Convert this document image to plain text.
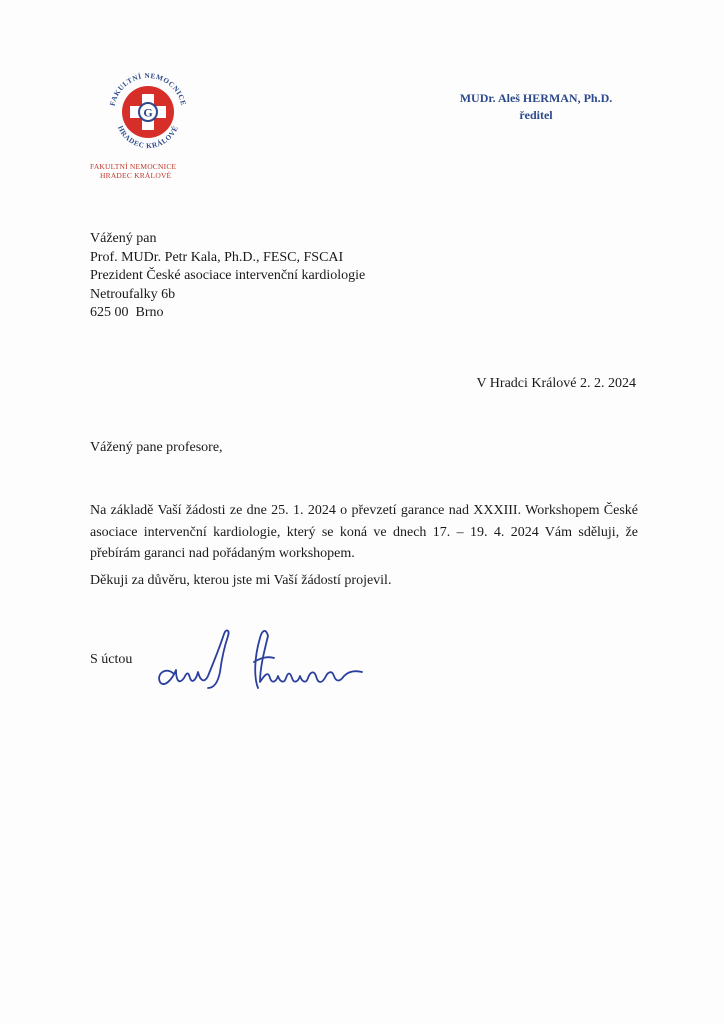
G
FAKULTNÍ NEMOCNICE
HRADEC KRÁLOVÉ
FAKULTNÍ NEMOCNICE
HRADEC KRÁLOVÉ
MUDr. Aleš HERMAN, Ph.D.
ředitel
Vážený pan
Prof. MUDr. Petr Kala, Ph.D., FESC, FSCAI
Prezident České asociace intervenční kardiologie
Netroufalky 6b
625 00  Brno
V Hradci Králové 2. 2. 2024
Vážený pane profesore,
Na základě Vaší žádosti ze dne 25. 1. 2024 o převzetí garance nad XXXIII. Workshopem České asociace intervenční kardiologie, který se koná ve dnech 17. – 19. 4. 2024 Vám sděluji, že přebírám garanci nad pořádaným workshopem.
Děkuji za důvěru, kterou jste mi Vaší žádostí projevil.
S úctou
